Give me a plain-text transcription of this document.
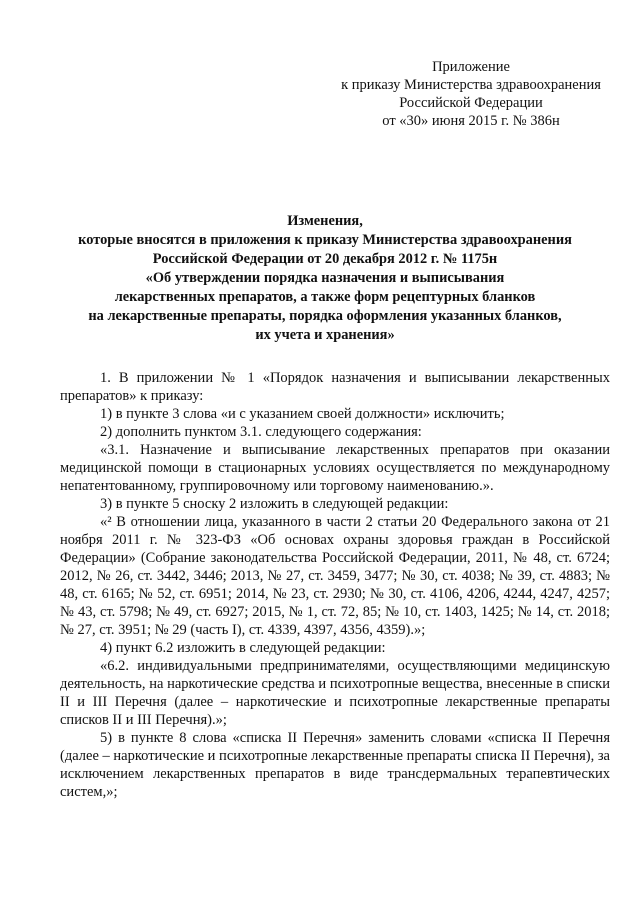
Приложение
к приказу Министерства здравоохранения
Российской Федерации
от «30» июня 2015 г. № 386н
Изменения,
которые вносятся в приложения к приказу Министерства здравоохранения
Российской Федерации от 20 декабря 2012 г. № 1175н
«Об утверждении порядка назначения и выписывания
лекарственных препаратов, а также форм рецептурных бланков
на лекарственные препараты, порядка оформления указанных бланков,
их учета и хранения»

1. В приложении № 1 «Порядок назначения и выписывании лекарственных препаратов» к приказу:

1) в пункте 3 слова «и с указанием своей должности» исключить;

2) дополнить пунктом 3.1. следующего содержания:

«3.1. Назначение и выписывание лекарственных препаратов при оказании медицинской помощи в стационарных условиях осуществляется по международному непатентованному, группировочному или торговому наименованию.».

3) в пункте 5 сноску 2 изложить в следующей редакции:

«² В отношении лица, указанного в части 2 статьи 20 Федерального закона от 21 ноября 2011 г. № 323-ФЗ «Об основах охраны здоровья граждан в Российской Федерации» (Собрание законодательства Российской Федерации, 2011, № 48, ст. 6724; 2012, № 26, ст. 3442, 3446; 2013, № 27, ст. 3459, 3477; № 30, ст. 4038; № 39, ст. 4883; № 48, ст. 6165; № 52, ст. 6951; 2014, № 23, ст. 2930; № 30, ст. 4106, 4206, 4244, 4247, 4257; № 43, ст. 5798; № 49, ст. 6927; 2015, № 1, ст. 72, 85; № 10, ст. 1403, 1425; № 14, ст. 2018; № 27, ст. 3951; № 29 (часть I), ст. 4339, 4397, 4356, 4359).»;

4) пункт 6.2 изложить в следующей редакции:

«6.2. индивидуальными предпринимателями, осуществляющими медицинскую деятельность, на наркотические средства и психотропные вещества, внесенные в списки II и III Перечня (далее – наркотические и психотропные лекарственные препараты списков II и III Перечня).»;

5) в пункте 8 слова «списка II Перечня» заменить словами «списка II Перечня (далее – наркотические и психотропные лекарственные препараты списка II Перечня), за исключением лекарственных препаратов в виде трансдермальных терапевтических систем,»;
